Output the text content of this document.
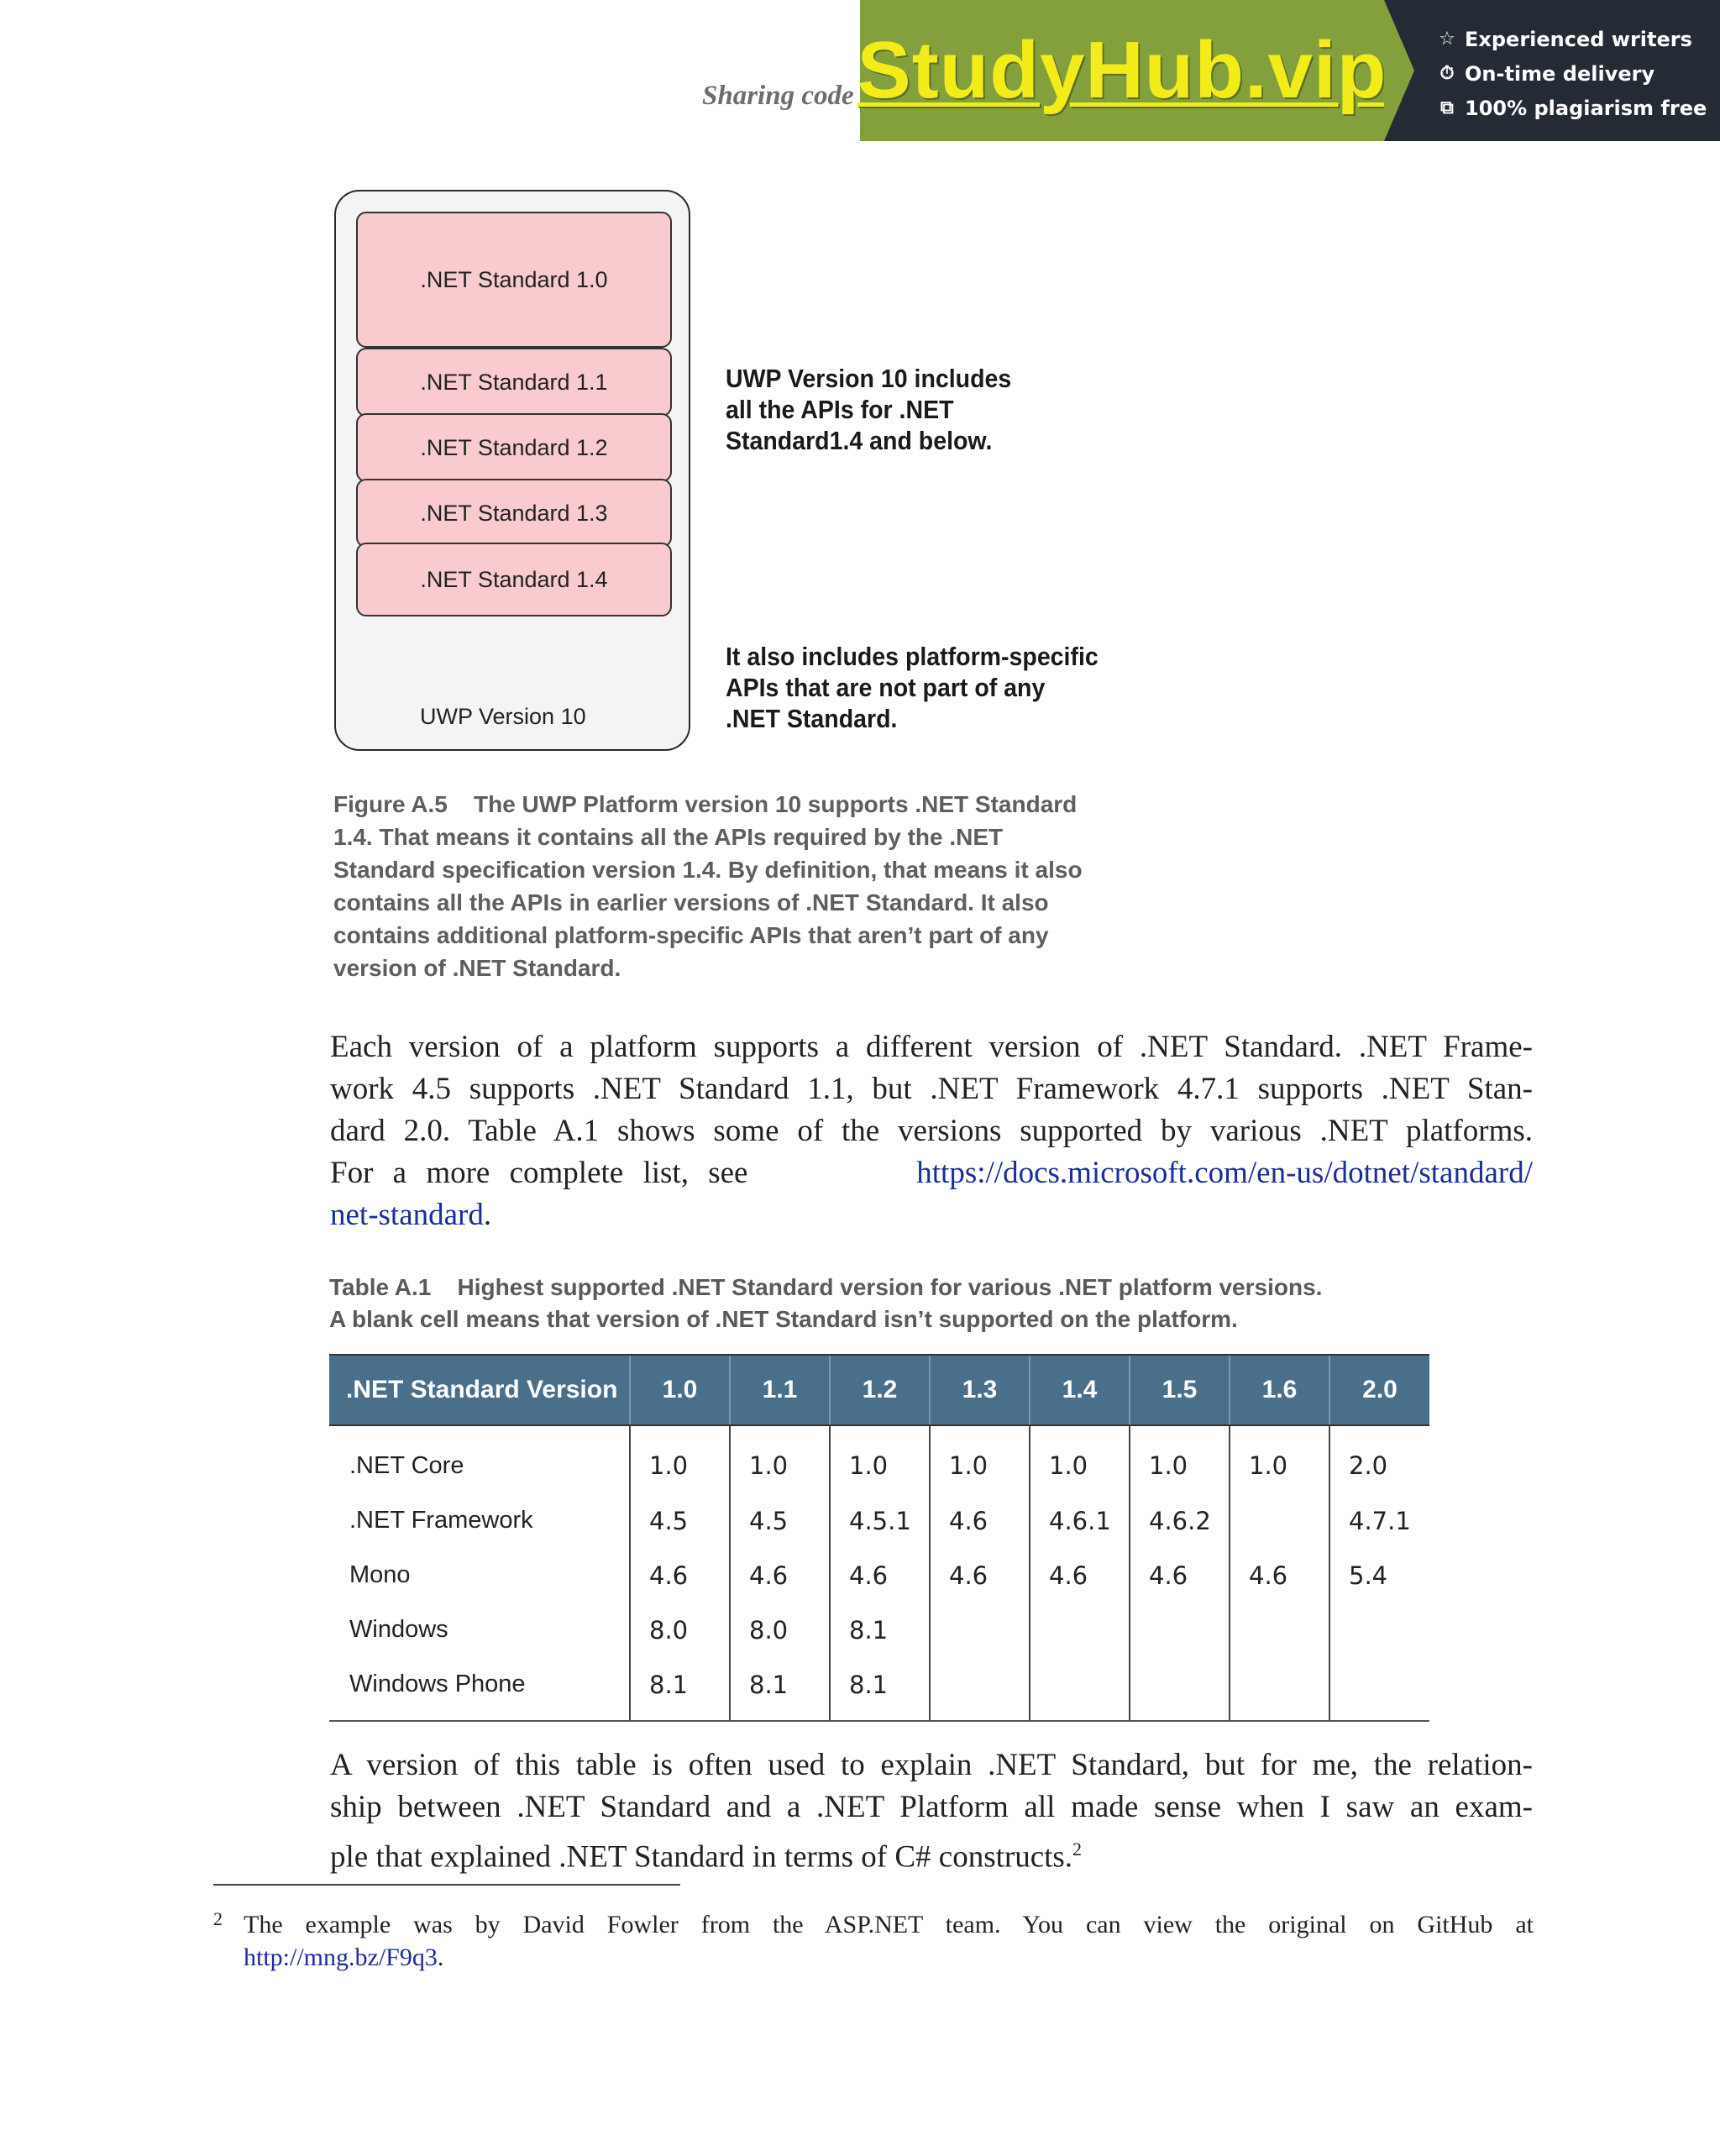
Sharing code StudyHub.vip	☆ Experienced writers
⏱ On-time delivery
⧉ 100% plagiarism free
.NET Standard 1.0
.NET Standard 1.1
.NET Standard 1.2
.NET Standard 1.3
.NET Standard 1.4
UWP Version 10
UWP Version 10 includes
all the APIs for .NET
Standard1.4 and below.
It also includes platform-specific
APIs that are not part of any
.NET Standard.
Figure A.5    The UWP Platform version 10 supports .NET Standard
1.4. That means it contains all the APIs required by the .NET
Standard specification version 1.4. By definition, that means it also
contains all the APIs in earlier versions of .NET Standard. It also
contains additional platform-specific APIs that aren’t part of any
version of .NET Standard.
Each version of a platform supports a different version of .NET Standard. .NET Frame-
work 4.5 supports .NET Standard 1.1, but .NET Framework 4.7.1 supports .NET Stan-
dard 2.0. Table A.1 shows some of the versions supported by various .NET platforms.
For a more complete list, see	https://docs.microsoft.com/en-us/dotnet/standard/
net-standard.
Table A.1    Highest supported .NET Standard version for various .NET platform versions.
A blank cell means that version of .NET Standard isn’t supported on the platform.
.NET Standard Version	1.0	1.1	1.2	1.3	1.4	1.5	1.6	2.0
.NET Core	1.0	1.0	1.0	1.0	1.0	1.0	1.0	2.0
.NET Framework	4.5	4.5	4.5.1	4.6	4.6.1	4.6.2		4.7.1
Mono	4.6	4.6	4.6	4.6	4.6	4.6	4.6	5.4
Windows	8.0	8.0	8.1					
Windows Phone	8.1	8.1	8.1					
A version of this table is often used to explain .NET Standard, but for me, the relation-
ship between .NET Standard and a .NET Platform all made sense when I saw an exam-
ple that explained .NET Standard in terms of C# constructs.$^2$
2 The example was by David Fowler from the ASP.NET team. You can view the original on GitHub at
http://mng.bz/F9q3.
